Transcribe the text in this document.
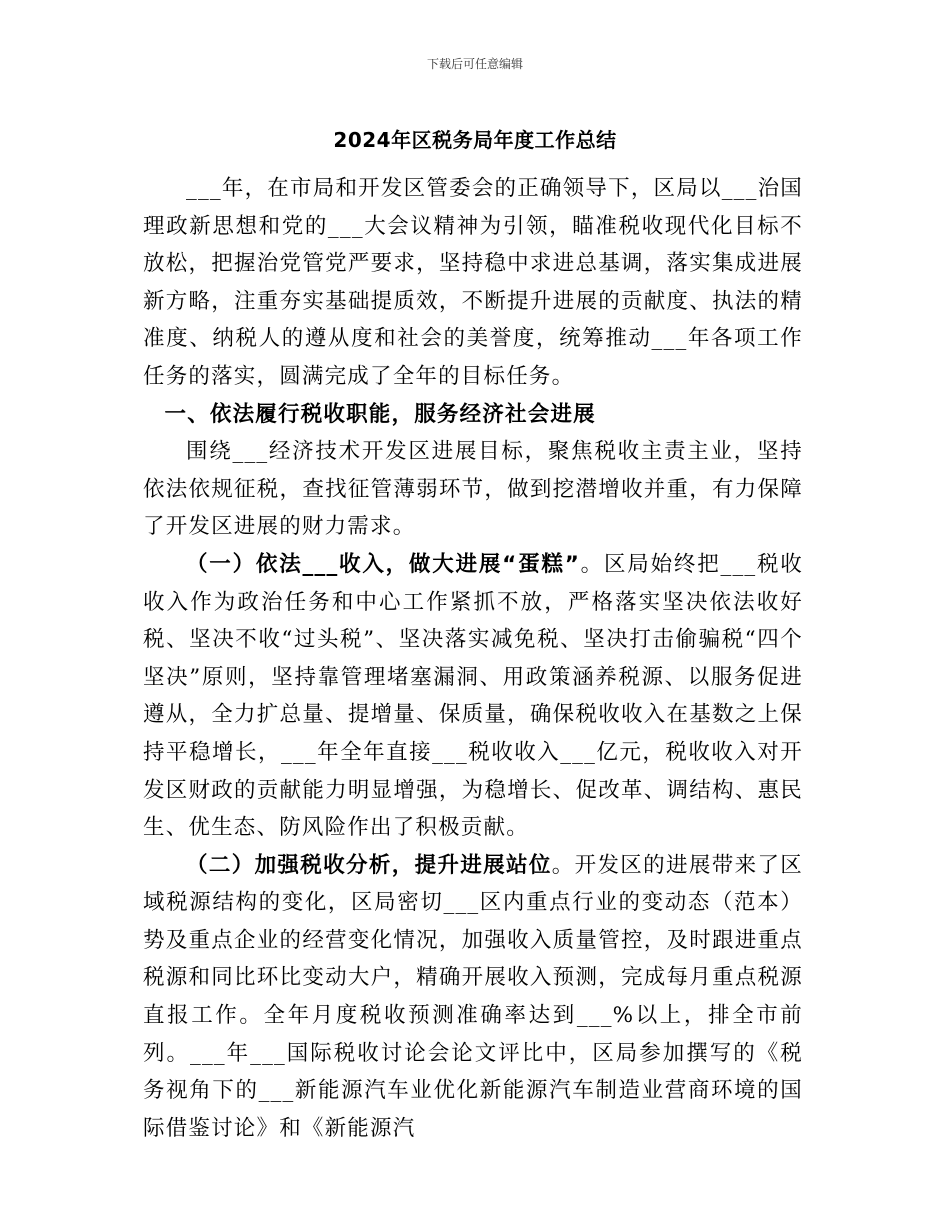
下载后可任意编辑
2024年区税务局年度工作总结

___年，在市局和开发区管委会的正确领导下，区局以___治国理政新思想和党的___大会议精神为引领，瞄准税收现代化目标不放松，把握治党管党严要求，坚持稳中求进总基调，落实集成进展新方略，注重夯实基础提质效，不断提升进展的贡献度、执法的精准度、纳税人的遵从度和社会的美誉度，统筹推动___年各项工作任务的落实，圆满完成了全年的目标任务。

一、依法履行税收职能，服务经济社会进展

围绕___经济技术开发区进展目标，聚焦税收主责主业，坚持依法依规征税，查找征管薄弱环节，做到挖潜增收并重，有力保障了开发区进展的财力需求。

（一）依法___收入，做大进展“蛋糕”。区局始终把___税收收入作为政治任务和中心工作紧抓不放，严格落实坚决依法收好税、坚决不收“过头税”、坚决落实减免税、坚决打击偷骗税“四个坚决”原则，坚持靠管理堵塞漏洞、用政策涵养税源、以服务促进遵从，全力扩总量、提增量、保质量，确保税收收入在基数之上保持平稳增长，___年全年直接___税收收入___亿元，税收收入对开发区财政的贡献能力明显增强，为稳增长、促改革、调结构、惠民生、优生态、防风险作出了积极贡献。

（二）加强税收分析，提升进展站位。开发区的进展带来了区域税源结构的变化，区局密切___区内重点行业的变动态（范本）势及重点企业的经营变化情况，加强收入质量管控，及时跟进重点税源和同比环比变动大户，精确开展收入预测，完成每月重点税源直报工作。全年月度税收预测准确率达到___%以上，排全市前列。___年___国际税收讨论会论文评比中，区局参加撰写的《税务视角下的___新能源汽车业优化新能源汽车制造业营商环境的国际借鉴讨论》和《新能源汽
